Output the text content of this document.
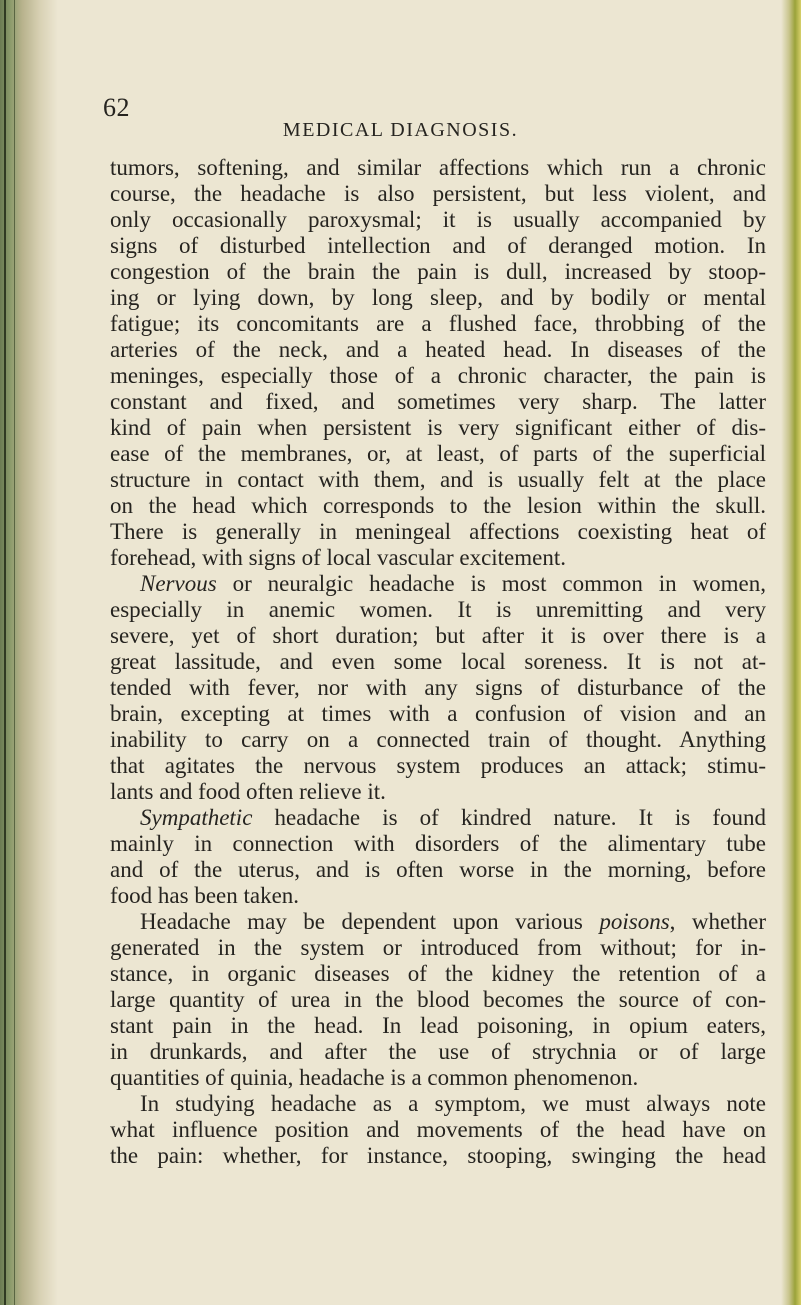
62
MEDICAL DIAGNOSIS.
tumors, softening, and similar affections which run a chronic
course, the headache is also persistent, but less violent, and
only occasionally paroxysmal; it is usually accompanied by
signs of disturbed intellection and of deranged motion. In
congestion of the brain the pain is dull, increased by stoop-
ing or lying down, by long sleep, and by bodily or mental
fatigue; its concomitants are a flushed face, throbbing of the
arteries of the neck, and a heated head. In diseases of the
meninges, especially those of a chronic character, the pain is
constant and fixed, and sometimes very sharp. The latter
kind of pain when persistent is very significant either of dis-
ease of the membranes, or, at least, of parts of the superficial
structure in contact with them, and is usually felt at the place
on the head which corresponds to the lesion within the skull.
There is generally in meningeal affections coexisting heat of
forehead, with signs of local vascular excitement.
Nervous or neuralgic headache is most common in women,
especially in anemic women. It is unremitting and very
severe, yet of short duration; but after it is over there is a
great lassitude, and even some local soreness. It is not at-
tended with fever, nor with any signs of disturbance of the
brain, excepting at times with a confusion of vision and an
inability to carry on a connected train of thought. Anything
that agitates the nervous system produces an attack; stimu-
lants and food often relieve it.
Sympathetic headache is of kindred nature. It is found
mainly in connection with disorders of the alimentary tube
and of the uterus, and is often worse in the morning, before
food has been taken.
Headache may be dependent upon various poisons, whether
generated in the system or introduced from without; for in-
stance, in organic diseases of the kidney the retention of a
large quantity of urea in the blood becomes the source of con-
stant pain in the head. In lead poisoning, in opium eaters,
in drunkards, and after the use of strychnia or of large
quantities of quinia, headache is a common phenomenon.
In studying headache as a symptom, we must always note
what influence position and movements of the head have on
the pain: whether, for instance, stooping, swinging the head
